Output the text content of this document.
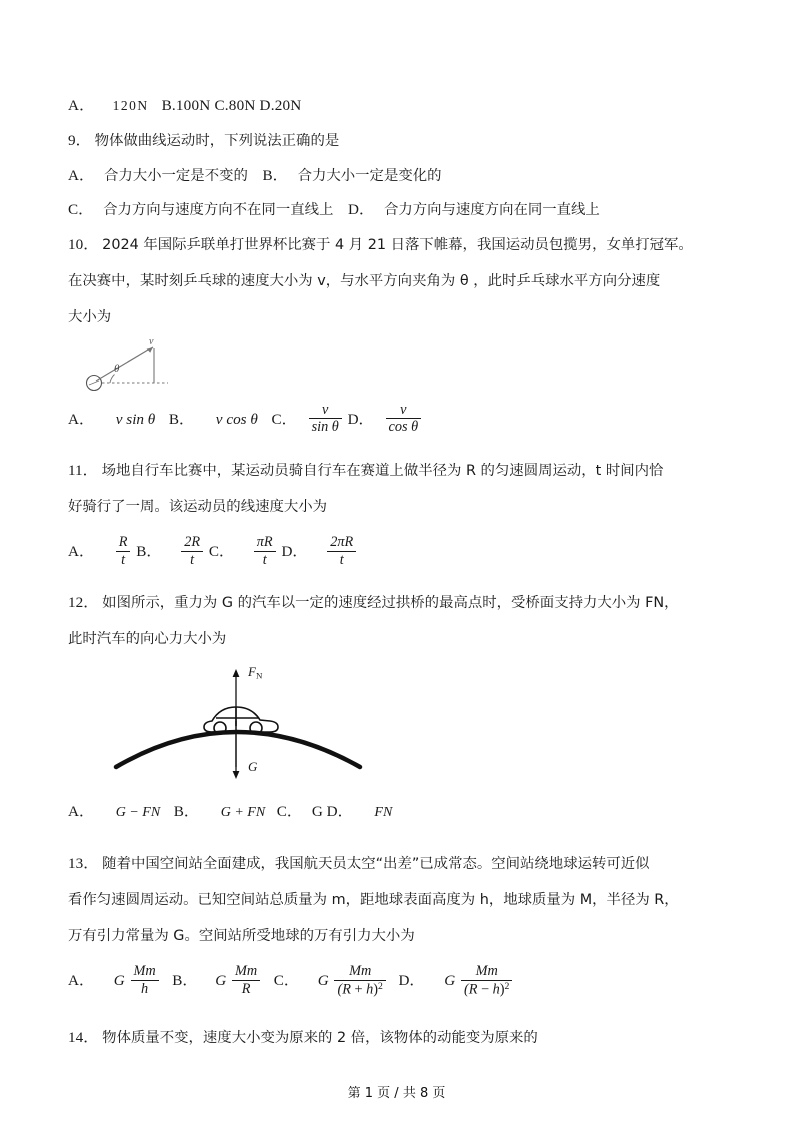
A． 120N B.100N C.80N D.20N
9． 物体做曲线运动时，下列说法正确的是
A． 合力大小一定是不变的 B． 合力大小一定是变化的
C． 合力方向与速度方向不在同一直线上 D． 合力方向与速度方向在同一直线上
10． 2024 年国际乒联单打世界杯比赛于 4 月 21 日落下帷幕，我国运动员包揽男，女单打冠军。
在决赛中，某时刻乒乓球的速度大小为 v，与水平方向夹角为 θ ，此时乒乓球水平方向分速度
大小为
θ
v
A． v sin θ B． v cos θ C． $\frac{v}{\text{sin θ}}$ D． $\frac{v}{\text{cos θ}}$
11． 场地自行车比赛中，某运动员骑自行车在赛道上做半径为 R 的匀速圆周运动，t 时间内恰
好骑行了一周。该运动员的线速度大小为
A． $\frac{R}{t}$ B． $\frac{2R}{t}$ C． $\frac{\pi R}{t}$ D． $\frac{2\pi R}{t}$
12． 如图所示，重力为 G 的汽车以一定的速度经过拱桥的最高点时，受桥面支持力大小为 FN，
此时汽车的向心力大小为
$F_N$
G
A． G − FN B． G + FN C． G D． FN
13． 随着中国空间站全面建成，我国航天员太空“出差”已成常态。空间站绕地球运转可近似
看作匀速圆周运动。已知空间站总质量为 m，距地球表面高度为 h，地球质量为 M，半径为 R，
万有引力常量为 G。空间站所受地球的万有引力大小为
A． G $\frac{Mm}{h}$ B． G $\frac{Mm}{R}$ C． G $\frac{Mm}{(R + h)^2}$ D． G $\frac{Mm}{(R - h)^2}$
14． 物体质量不变，速度大小变为原来的 2 倍，该物体的动能变为原来的
第 1 页 / 共 8 页
